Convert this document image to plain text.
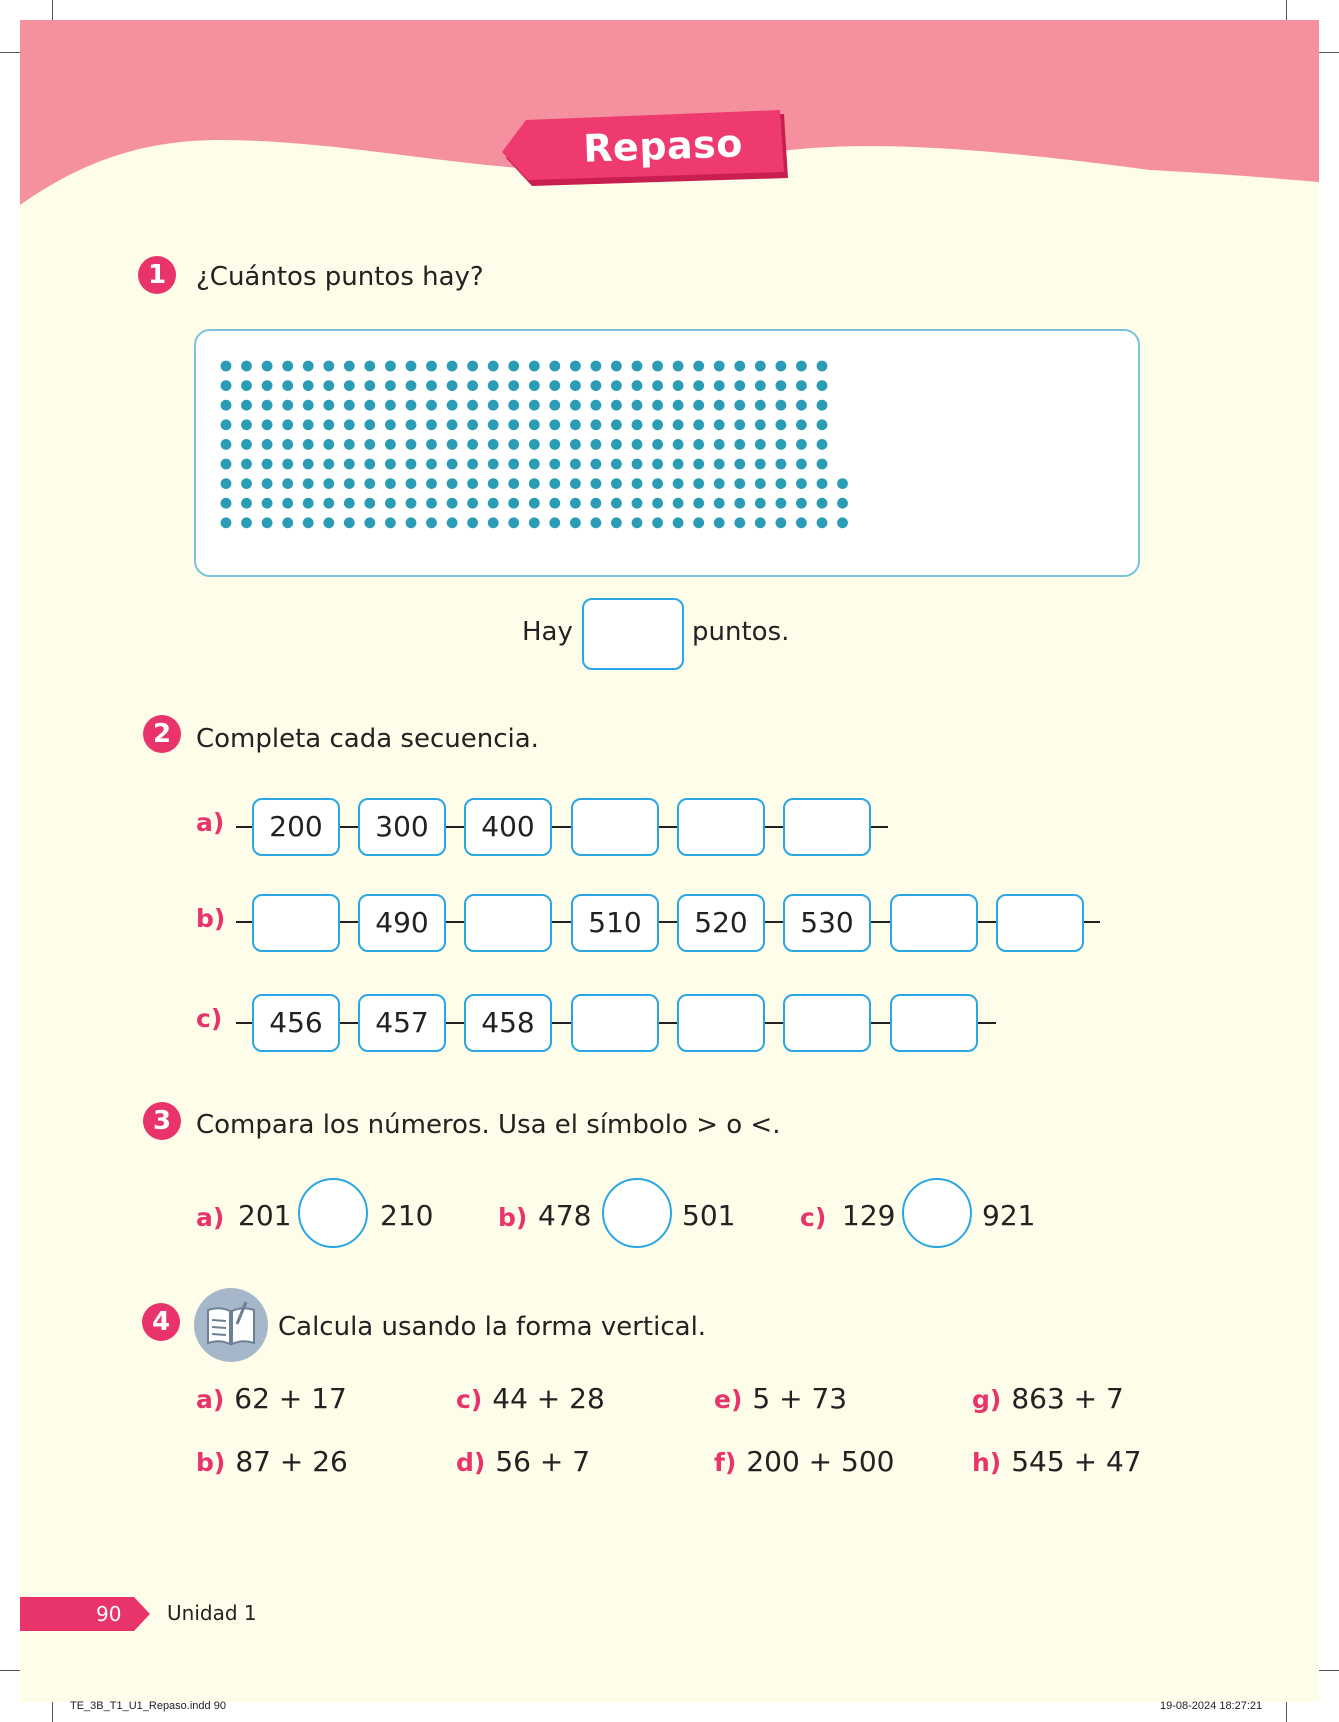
Repaso
1	¿Cuántos puntos hay?
Hay	puntos.
2 Completa cada secuencia.
a)	200	300	400
b)	490	510	520	530
c)	456	457	458
3 Compara los números. Usa el símbolo > o <.
a) 201	210	b) 478	501	c) 129	921
4	Calcula usando la forma vertical.
a) 62 + 17
b) 87 + 26
c) 44 + 28
d) 56 + 7
e) 5 + 73
f) 200 + 500
g) 863 + 7
h) 545 + 47
90 Unidad 1
TE_3B_T1_U1_Repaso.indd 90	19-08-2024 18:27:21
